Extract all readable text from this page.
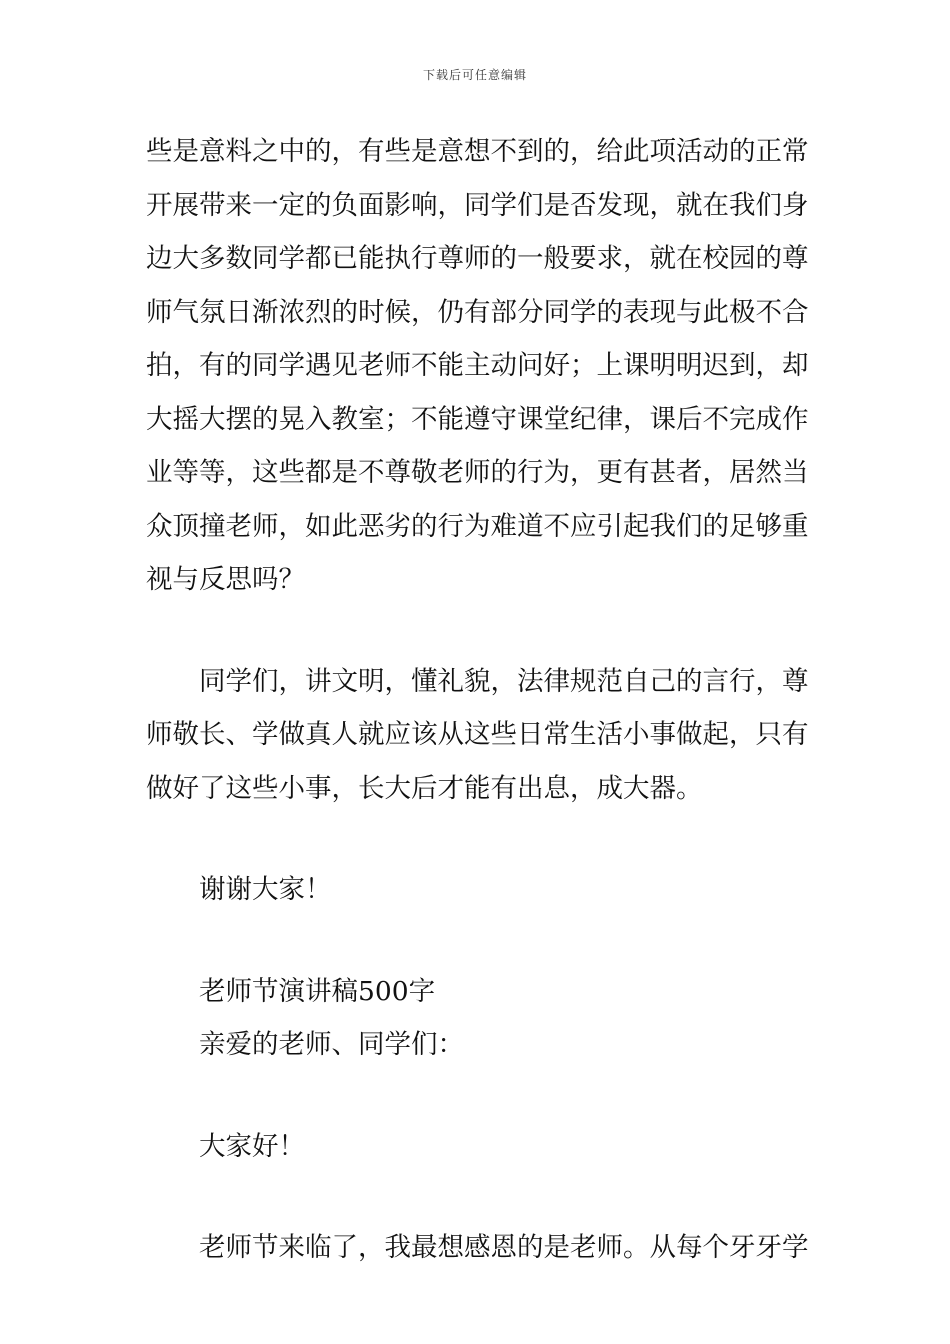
下载后可任意编辑
些是意料之中的，有些是意想不到的，给此项活动的正常
开展带来一定的负面影响，同学们是否发现，就在我们身
边大多数同学都已能执行尊师的一般要求，就在校园的尊
师气氛日渐浓烈的时候，仍有部分同学的表现与此极不合
拍，有的同学遇见老师不能主动问好；上课明明迟到，却
大摇大摆的晃入教室；不能遵守课堂纪律，课后不完成作
业等等，这些都是不尊敬老师的行为，更有甚者，居然当
众顶撞老师，如此恶劣的行为难道不应引起我们的足够重
视与反思吗？
同学们，讲文明，懂礼貌，法律规范自己的言行，尊
师敬长、学做真人就应该从这些日常生活小事做起，只有
做好了这些小事，长大后才能有出息，成大器。
谢谢大家！
老师节演讲稿500字
亲爱的老师、同学们：
大家好！
老师节来临了，我最想感恩的是老师。从每个牙牙学
